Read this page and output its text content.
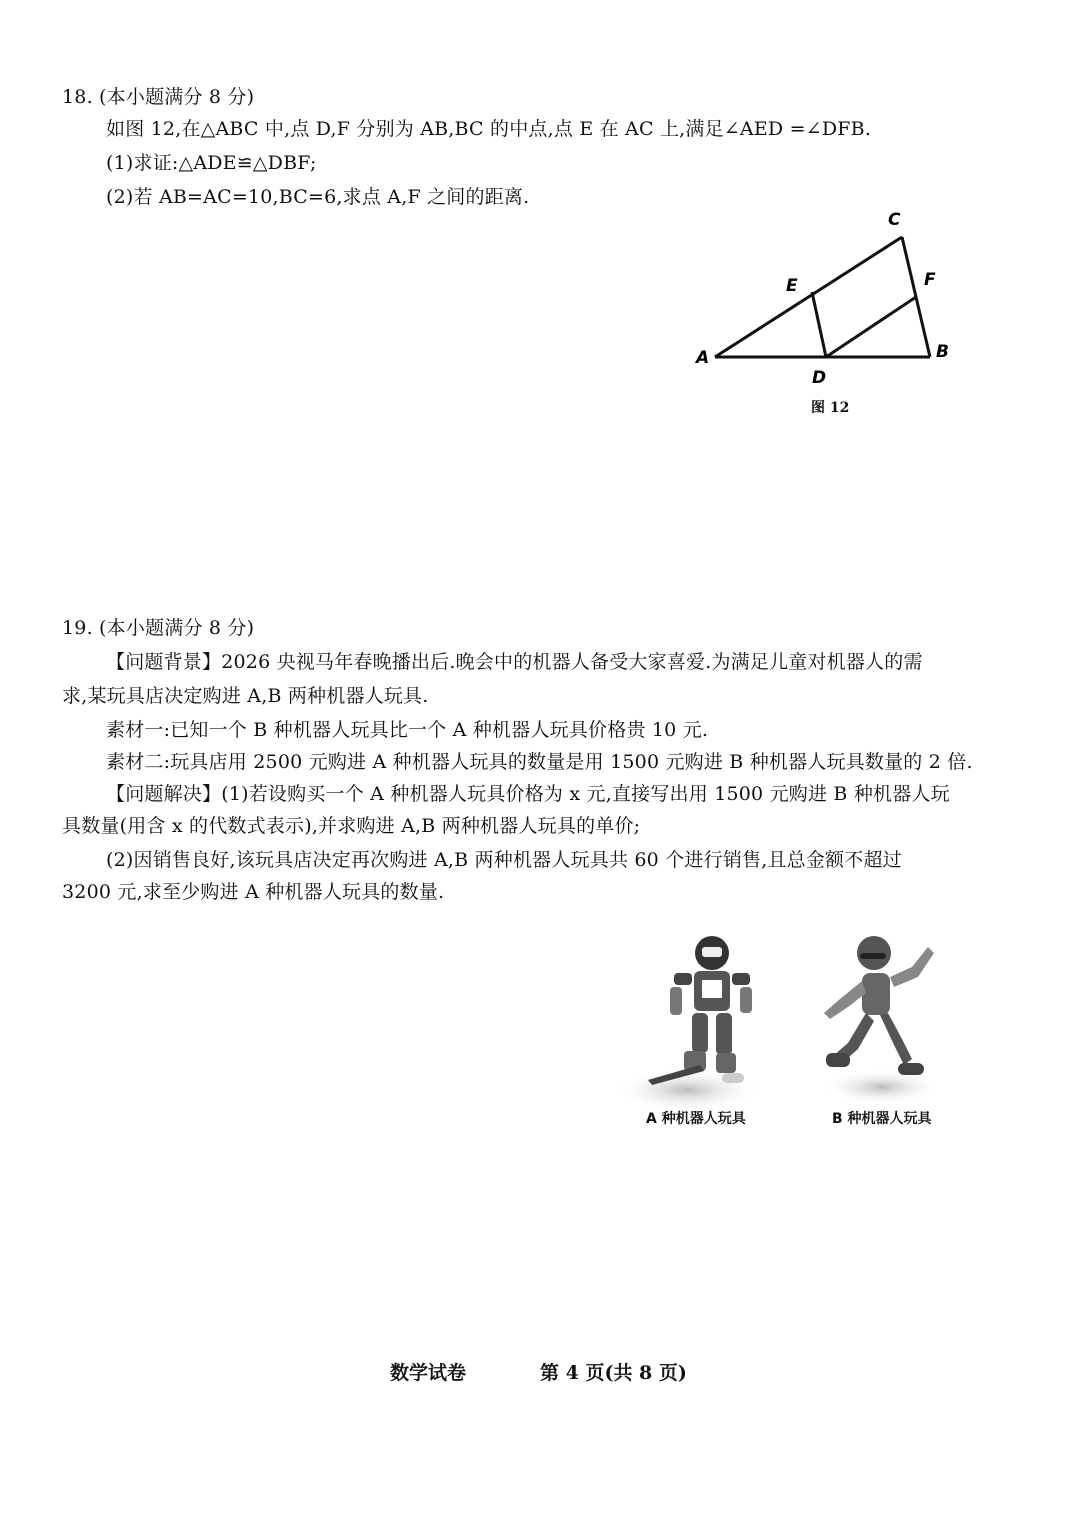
18. (本小题满分 8 分)
如图 12,在△ABC 中,点 D,F 分别为 AB,BC 的中点,点 E 在 AC 上,满足∠AED =∠DFB.
(1)求证:△ADE≌△DBF;
(2)若 AB=AC=10,BC=6,求点 A,F 之间的距离.
A	B
C
D
E	F
图 12
19. (本小题满分 8 分)
【问题背景】2026 央视马年春晚播出后.晚会中的机器人备受大家喜爱.为满足儿童对机器人的需
求,某玩具店决定购进 A,B 两种机器人玩具.
素材一:已知一个 B 种机器人玩具比一个 A 种机器人玩具价格贵 10 元.
素材二:玩具店用 2500 元购进 A 种机器人玩具的数量是用 1500 元购进 B 种机器人玩具数量的 2 倍.
【问题解决】(1)若设购买一个 A 种机器人玩具价格为 x 元,直接写出用 1500 元购进 B 种机器人玩
具数量(用含 x 的代数式表示),并求购进 A,B 两种机器人玩具的单价;
(2)因销售良好,该玩具店决定再次购进 A,B 两种机器人玩具共 60 个进行销售,且总金额不超过
3200 元,求至少购进 A 种机器人玩具的数量.
A 种机器人玩具	B 种机器人玩具
数学试卷	第 4 页(共 8 页)
